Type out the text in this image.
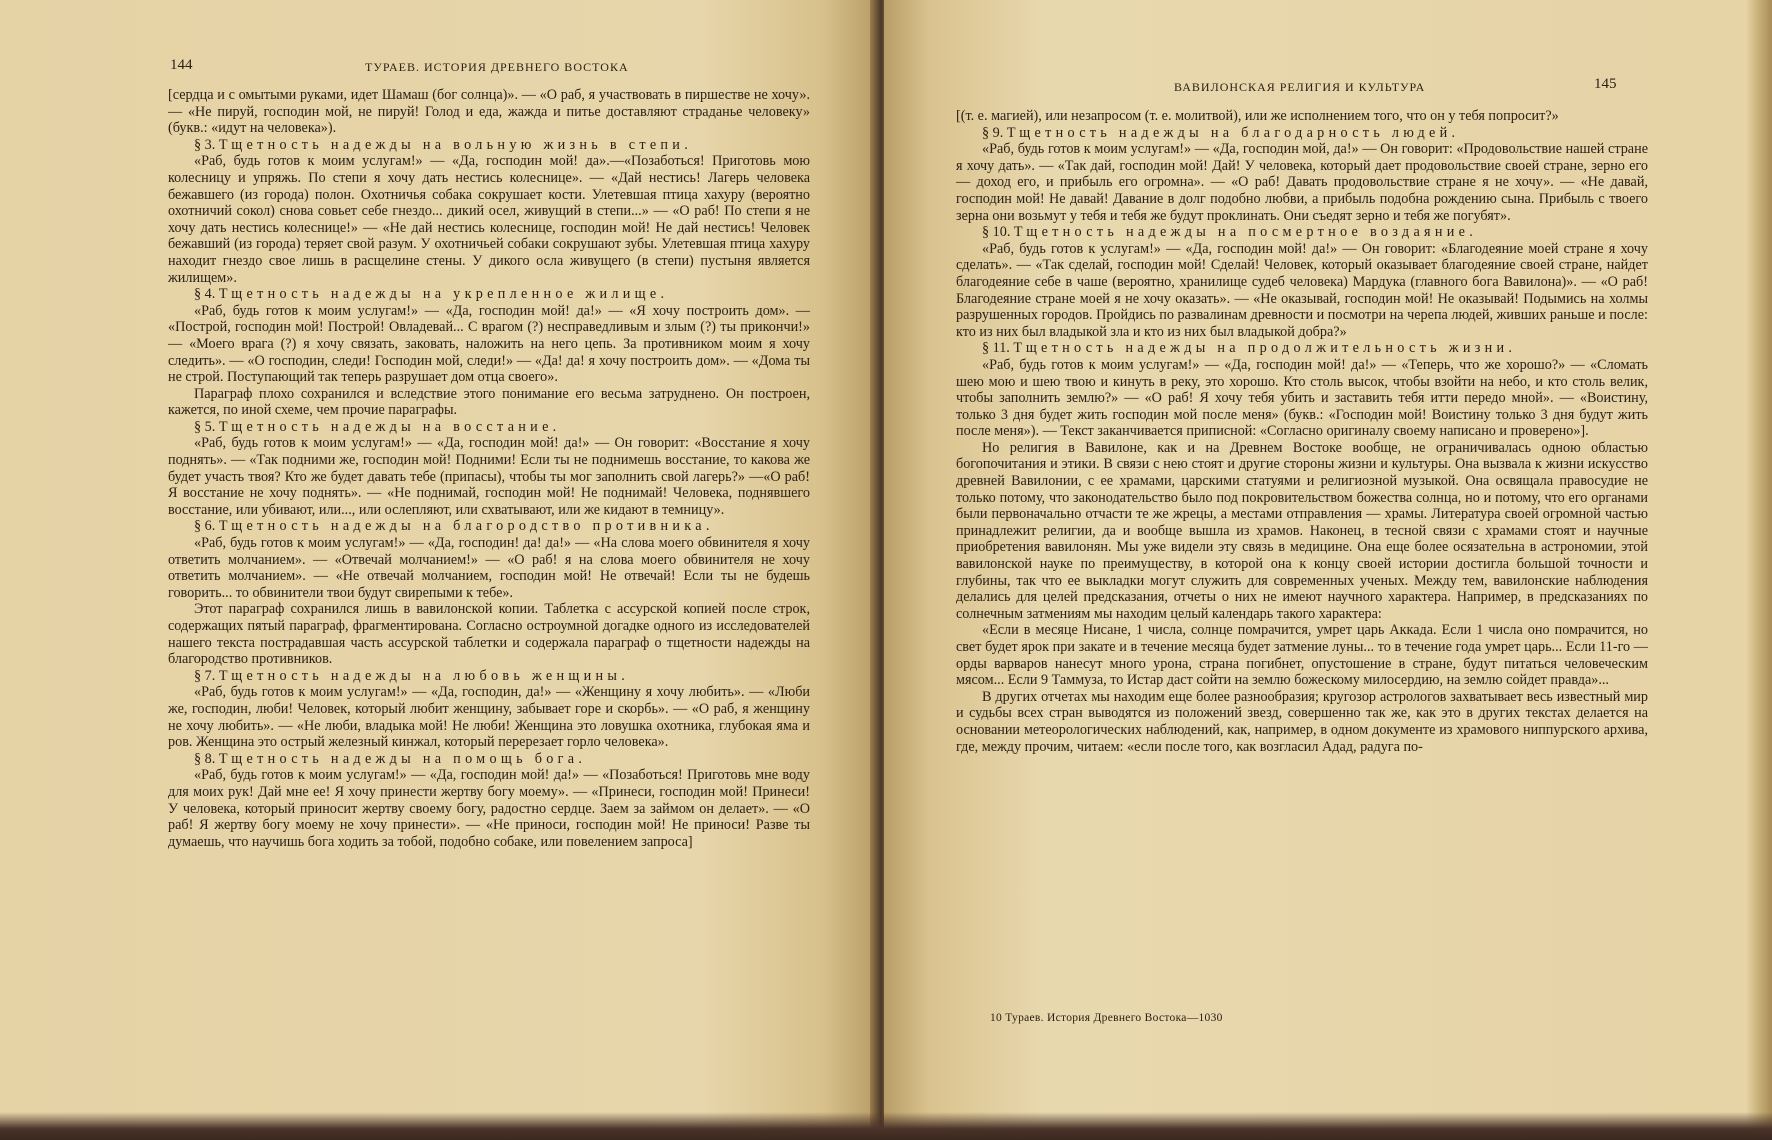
144	ТУРАЕВ. ИСТОРИЯ ДРЕВНЕГО ВОСТОКА

[сердца и с омытыми руками, идет Шамаш (бог солнца)». — «О раб, я участвовать в пиршестве не хочу». — «Не пируй, господин мой, не пируй! Голод и еда, жажда и питье доставляют страданье человеку» (букв.: «идут на человека»).

§ 3. Тщетность надежды на вольную жизнь в степи.

«Раб, будь готов к моим услугам!» — «Да, господин мой! да».—«Позаботься! Приготовь мою колесницу и упряжь. По степи я хочу дать нестись колеснице». — «Дай нестись! Лагерь человека бежавшего (из города) полон. Охотничья собака сокрушает кости. Улетевшая птица хахуру (вероятно охотничий сокол) снова совьет себе гнездо... дикий осел, живущий в степи...» — «О раб! По степи я не хочу дать нестись колеснице!» — «Не дай нестись колеснице, господин мой! Не дай нестись! Человек бежавший (из города) теряет свой разум. У охотничьей собаки сокрушают зубы. Улетевшая птица хахуру находит гнездо свое лишь в расщелине стены. У дикого осла живущего (в степи) пустыня является жилищем».

§ 4. Тщетность надежды на укрепленное жилище.

«Раб, будь готов к моим услугам!» — «Да, господин мой! да!» — «Я хочу построить дом». — «Построй, господин мой! Построй! Овладевай... С врагом (?) несправедливым и злым (?) ты прикончи!» — «Моего врага (?) я хочу связать, заковать, наложить на него цепь. За противником моим я хочу следить». — «О господин, следи! Господин мой, следи!» — «Да! да! я хочу построить дом». — «Дома ты не строй. Поступающий так теперь разрушает дом отца своего».

Параграф плохо сохранился и вследствие этого понимание его весьма затруднено. Он построен, кажется, по иной схеме, чем прочие параграфы.

§ 5. Тщетность надежды на восстание.

«Раб, будь готов к моим услугам!» — «Да, господин мой! да!» — Он говорит: «Восстание я хочу поднять». — «Так подними же, господин мой! Подними! Если ты не поднимешь восстание, то какова же будет участь твоя? Кто же будет давать тебе (припасы), чтобы ты мог заполнить свой лагерь?» —«О раб! Я восстание не хочу поднять». — «Не поднимай, господин мой! Не поднимай! Человека, поднявшего восстание, или убивают, или..., или ослепляют, или схватывают, или же кидают в темницу».

§ 6. Тщетность надежды на благородство противника.

«Раб, будь готов к моим услугам!» — «Да, господин! да! да!» — «На слова моего обвинителя я хочу ответить молчанием». — «Отвечай молчанием!» — «О раб! я на слова моего обвинителя не хочу ответить молчанием». — «Не отвечай молчанием, господин мой! Не отвечай! Если ты не будешь говорить... то обвинители твои будут свирепыми к тебе».

Этот параграф сохранился лишь в вавилонской копии. Таблетка с ассурской копией после строк, содержащих пятый параграф, фрагментирована. Согласно остроумной догадке одного из исследователей нашего текста пострадавшая часть ассурской таблетки и содержала параграф о тщетности надежды на благородство противников.

§ 7. Тщетность надежды на любовь женщины.

«Раб, будь готов к моим услугам!» — «Да, господин, да!» — «Женщину я хочу любить». — «Люби же, господин, люби! Человек, который любит женщину, забывает горе и скорбь». — «О раб, я женщину не хочу любить». — «Не люби, владыка мой! Не люби! Женщина это ловушка охотника, глубокая яма и ров. Женщина это острый железный кинжал, который перерезает горло человека».

§ 8. Тщетность надежды на помощь бога.

«Раб, будь готов к моим услугам!» — «Да, господин мой! да!» — «Позаботься! Приготовь мне воду для моих рук! Дай мне ее! Я хочу принести жертву богу моему». — «Принеси, господин мой! Принеси! У человека, который приносит жертву своему богу, радостно сердце. Заем за займом он делает». — «О раб! Я жертву богу моему не хочу принести». — «Не приноси, господин мой! Не приноси! Разве ты думаешь, что научишь бога ходить за тобой, подобно собаке, или повелением запроса]

ВАВИЛОНСКАЯ РЕЛИГИЯ И КУЛЬТУРА	145

[(т. е. магией), или незапросом (т. е. молитвой), или же исполнением того, что он у тебя попросит?»

§ 9. Тщетность надежды на благодарность людей.

«Раб, будь готов к моим услугам!» — «Да, господин мой, да!» — Он говорит: «Продовольствие нашей стране я хочу дать». — «Так дай, господин мой! Дай! У человека, который дает продовольствие своей стране, зерно его — доход его, и прибыль его огромна». — «О раб! Давать продовольствие стране я не хочу». — «Не давай, господин мой! Не давай! Давание в долг подобно любви, а прибыль подобна рождению сына. Прибыль с твоего зерна они возьмут у тебя и тебя же будут проклинать. Они съедят зерно и тебя же погубят».

§ 10. Тщетность надежды на посмертное воздаяние.

«Раб, будь готов к услугам!» — «Да, господин мой! да!» — Он говорит: «Благодеяние моей стране я хочу сделать». — «Так сделай, господин мой! Сделай! Человек, который оказывает благодеяние своей стране, найдет благодеяние себе в чаше (вероятно, хранилище судеб человека) Мардука (главного бога Вавилона)». — «О раб! Благодеяние стране моей я не хочу оказать». — «Не оказывай, господин мой! Не оказывай! Подымись на холмы разрушенных городов. Пройдись по развалинам древности и посмотри на черепа людей, живших раньше и после: кто из них был владыкой зла и кто из них был владыкой добра?»

§ 11. Тщетность надежды на продолжительность жизни.

«Раб, будь готов к моим услугам!» — «Да, господин мой! да!» — «Теперь, что же хорошо?» — «Сломать шею мою и шею твою и кинуть в реку, это хорошо. Кто столь высок, чтобы взойти на небо, и кто столь велик, чтобы заполнить землю?» — «О раб! Я хочу тебя убить и заставить тебя итти передо мной». — «Воистину, только 3 дня будет жить господин мой после меня» (букв.: «Господин мой! Воистину только 3 дня будут жить после меня»). — Текст заканчивается приписной: «Согласно оригиналу своему написано и проверено»].

Но религия в Вавилоне, как и на Древнем Востоке вообще, не ограничивалась одною областью богопочитания и этики. В связи с нею стоят и другие стороны жизни и культуры. Она вызвала к жизни искусство древней Вавилонии, с ее храмами, царскими статуями и религиозной музыкой. Она освящала правосудие не только потому, что законодательство было под покровительством божества солнца, но и потому, что его органами были первоначально отчасти те же жрецы, а местами отправления — храмы. Литература своей огромной частью принадлежит религии, да и вообще вышла из храмов. Наконец, в тесной связи с храмами стоят и научные приобретения вавилонян. Мы уже видели эту связь в медицине. Она еще более осязательна в астрономии, этой вавилонской науке по преимуществу, в которой она к концу своей истории достигла большой точности и глубины, так что ее выкладки могут служить для современных ученых. Между тем, вавилонские наблюдения делались для целей предсказания, отчеты о них не имеют научного характера. Например, в предсказаниях по солнечным затмениям мы находим целый календарь такого характера:

«Если в месяце Нисане, 1 числа, солнце помрачится, умрет царь Аккада. Если 1 числа оно помрачится, но свет будет ярок при закате и в течение месяца будет затмение луны... то в течение года умрет царь... Если 11-го — орды варваров нанесут много урона, страна погибнет, опустошение в стране, будут питаться человеческим мясом... Если 9 Таммуза, то Истар даст сойти на землю божескому милосердию, на землю сойдет правда»...

В других отчетах мы находим еще более разнообразия; кругозор астрологов захватывает весь известный мир и судьбы всех стран выводятся из положений звезд, совершенно так же, как это в других текстах делается на основании метеорологических наблюдений, как, например, в одном документе из храмового ниппурского архива, где, между прочим, читаем: «если после того, как возгласил Адад, радуга по-

10 Тураев. История Древнего Востока—1030
